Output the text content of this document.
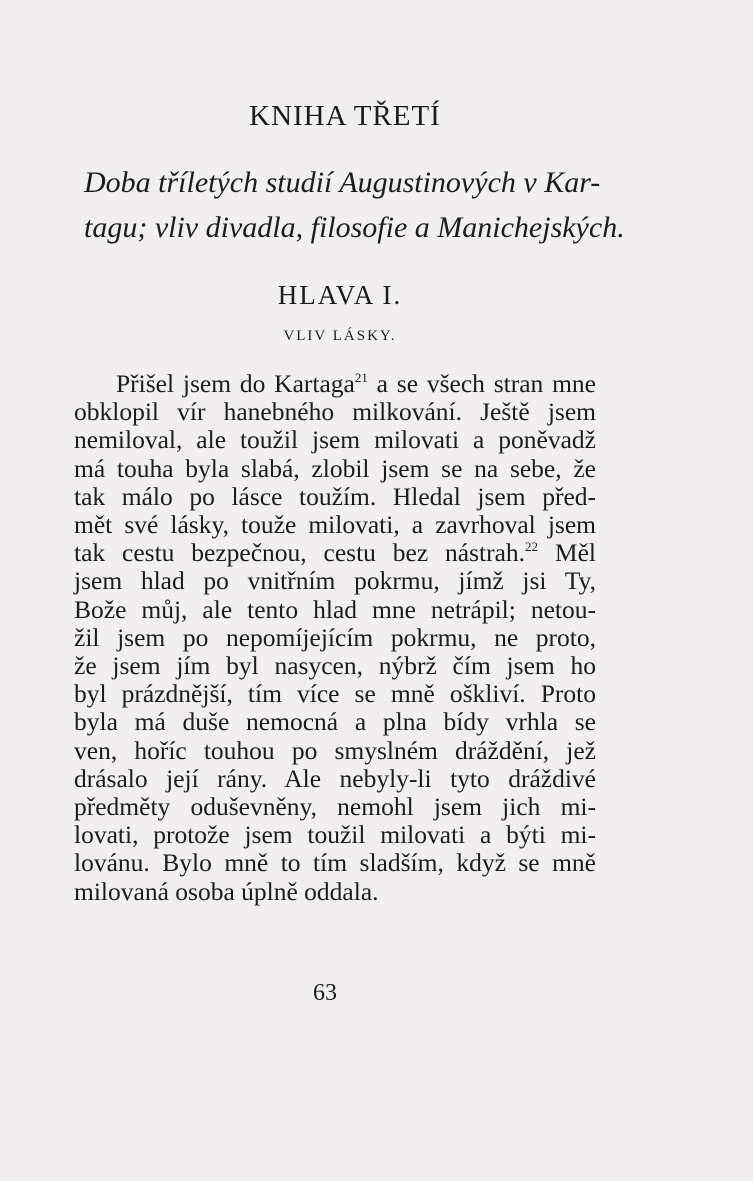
KNIHA TŘETÍ
Doba tříletých studií Augustinových v Kar-
tagu; vliv divadla, filosofie a Manichejských.
HLAVA I.
VLIV LÁSKY.
Přišel jsem do Kartaga$^{21}$ a se všech stran mne
obklopil vír hanebného milkování. Ještě jsem
nemiloval, ale toužil jsem milovati a poněvadž
má touha byla slabá, zlobil jsem se na sebe, že
tak málo po lásce toužím. Hledal jsem před-
mět své lásky, touže milovati, a zavrhoval jsem
tak cestu bezpečnou, cestu bez nástrah.$^{22}$ Měl
jsem hlad po vnitřním pokrmu, jímž jsi Ty,
Bože můj, ale tento hlad mne netrápil; netou-
žil jsem po nepomíjejícím pokrmu, ne proto,
že jsem jím byl nasycen, nýbrž čím jsem ho
byl prázdnější, tím více se mně oškliví. Proto
byla má duše nemocná a plna bídy vrhla se
ven, hoříc touhou po smyslném dráždění, jež
drásalo její rány. Ale nebyly-li tyto dráždivé
předměty oduševněny, nemohl jsem jich mi-
lovati, protože jsem toužil milovati a býti mi-
lovánu. Bylo mně to tím sladším, když se mně
milovaná osoba úplně oddala.
63
